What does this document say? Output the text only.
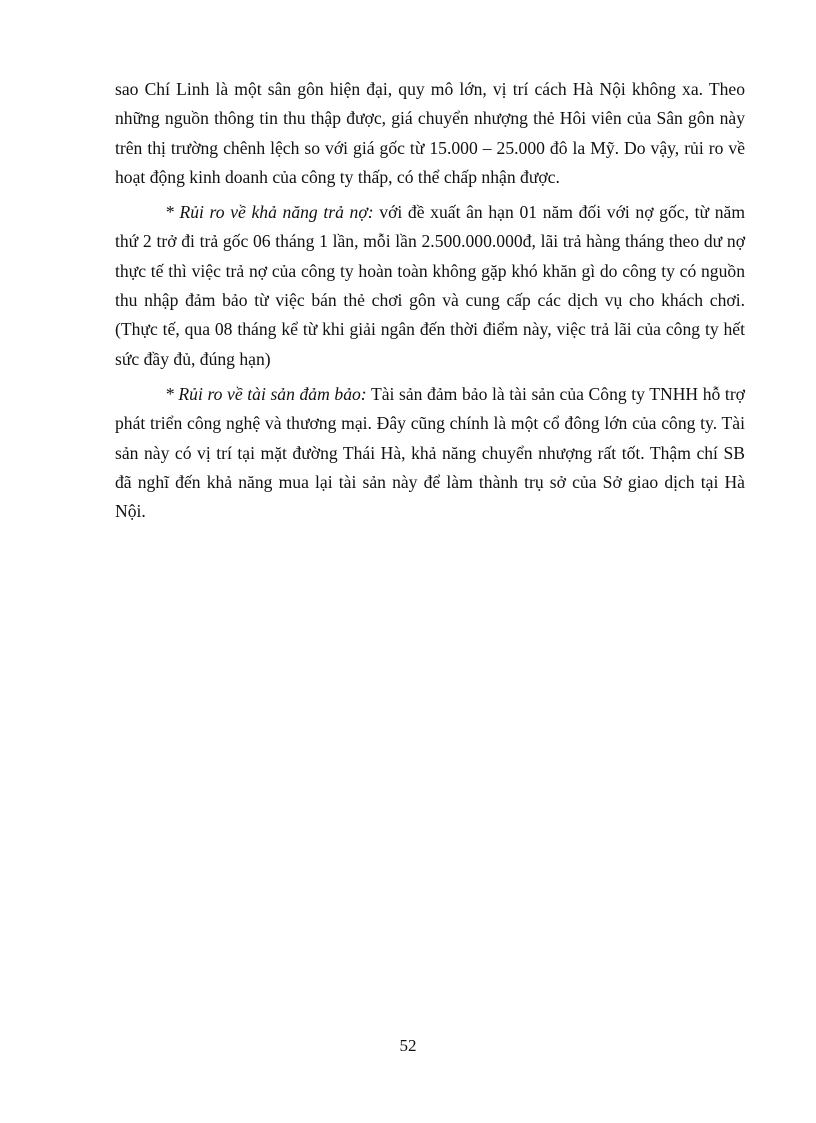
sao Chí Linh là một sân gôn hiện đại, quy mô lớn, vị trí cách Hà Nội không xa. Theo những nguồn thông tin thu thập được, giá chuyển nhượng thẻ Hôi viên của Sân gôn này trên thị trường chênh lệch so với giá gốc từ 15.000 – 25.000 đô la Mỹ. Do vậy, rủi ro về hoạt động kinh doanh của công ty thấp, có thể chấp nhận được.

* Rủi ro về khả năng trả nợ: với đề xuất ân hạn 01 năm đối với nợ gốc, từ năm thứ 2 trở đi trả gốc 06 tháng 1 lần, mỗi lần 2.500.000.000đ, lãi trả hàng tháng theo dư nợ thực tế thì việc trả nợ của công ty hoàn toàn không gặp khó khăn gì do công ty có nguồn thu nhập đảm bảo từ việc bán thẻ chơi gôn và cung cấp các dịch vụ cho khách chơi. (Thực tế, qua 08 tháng kể từ khi giải ngân đến thời điểm này, việc trả lãi của công ty hết sức đầy đủ, đúng hạn)

* Rủi ro về tài sản đảm bảo: Tài sản đảm bảo là tài sản của Công ty TNHH hỗ trợ phát triển công nghệ và thương mại. Đây cũng chính là một cổ đông lớn của công ty. Tài sản này có vị trí tại mặt đường Thái Hà, khả năng chuyển nhượng rất tốt. Thậm chí SB đã nghĩ đến khả năng mua lại tài sản này để làm thành trụ sở của Sở giao dịch tại Hà Nội.

52
